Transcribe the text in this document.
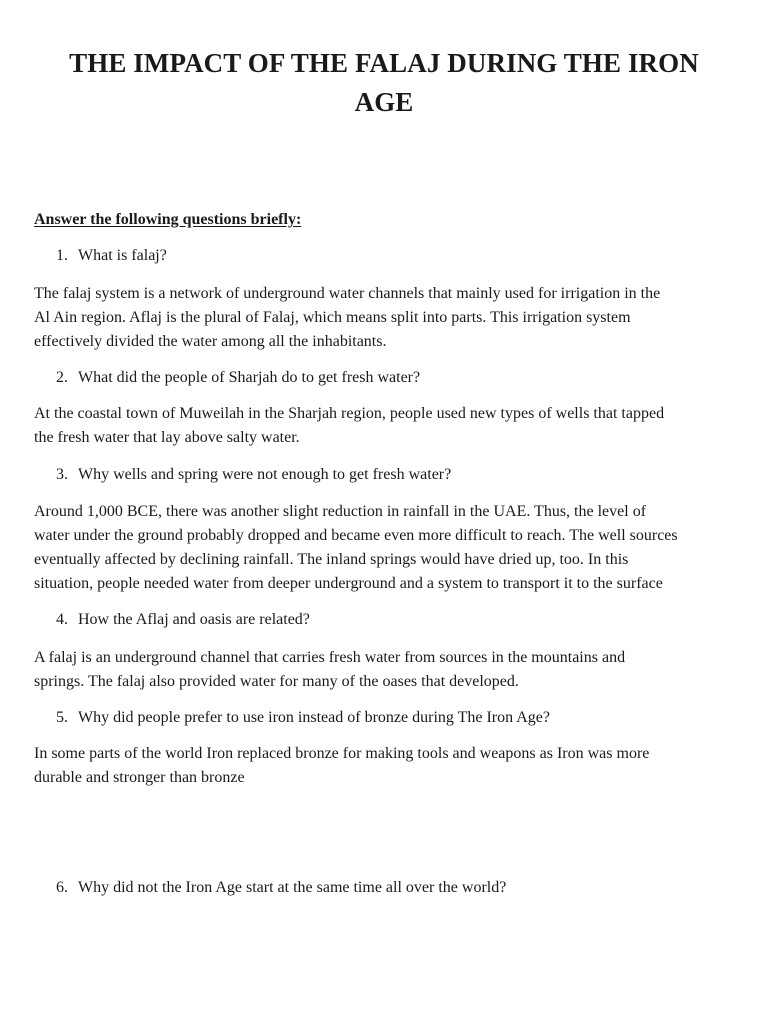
THE IMPACT OF THE FALAJ DURING THE IRON
AGE
Answer the following questions briefly:
1. What is falaj?
The falaj system is a network of underground water channels that mainly used for irrigation in the
Al Ain region. Aflaj is the plural of Falaj, which means split into parts. This irrigation system
effectively divided the water among all the inhabitants.
2. What did the people of Sharjah do to get fresh water?
At the coastal town of Muweilah in the Sharjah region, people used new types of wells that tapped
the fresh water that lay above salty water.
3. Why wells and spring were not enough to get fresh water?
Around 1,000 BCE, there was another slight reduction in rainfall in the UAE. Thus, the level of
water under the ground probably dropped and became even more difficult to reach. The well sources
eventually affected by declining rainfall. The inland springs would have dried up, too. In this
situation, people needed water from deeper underground and a system to transport it to the surface
4. How the Aflaj and oasis are related?
A falaj is an underground channel that carries fresh water from sources in the mountains and
springs. The falaj also provided water for many of the oases that developed.
5. Why did people prefer to use iron instead of bronze during The Iron Age?
In some parts of the world Iron replaced bronze for making tools and weapons as Iron was more
durable and stronger than bronze
6. Why did not the Iron Age start at the same time all over the world?
